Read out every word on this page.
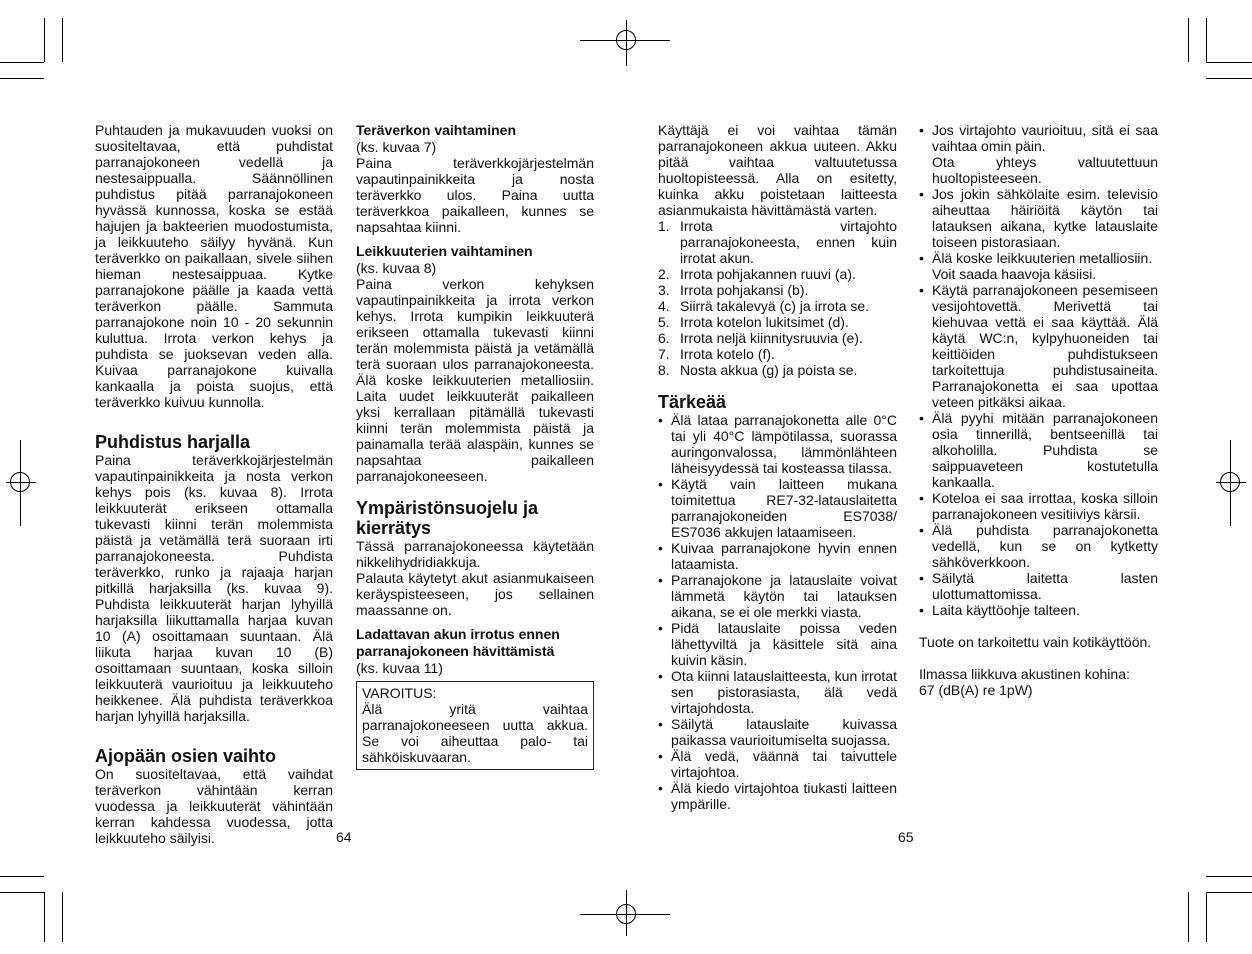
Puhtauden ja mukavuuden vuoksi on suositeltavaa, että puhdistat parranajokoneen vedellä ja nestesaippualla. Säännöllinen puhdistus pitää parranajokoneen hyvässä kunnossa, koska se estää hajujen ja bakteerien muodostumista, ja leikkuuteho säilyy hyvänä. Kun teräverkko on paikallaan, sivele siihen hieman nestesaippuaa. Kytke parranajokone päälle ja kaada vettä teräverkon päälle. Sammuta parranajokone noin 10 - 20 sekunnin kuluttua. Irrota verkon kehys ja puhdista se juoksevan veden alla. Kuivaa parranajokone kuivalla kankaalla ja poista suojus, että teräverkko kuivuu kunnolla.

Puhdistus harjalla

Paina teräverkkojärjestelmän vapautinpainikkeita ja nosta verkon kehys pois (ks. kuvaa 8). Irrota leikkuuterät erikseen ottamalla tukevasti kiinni terän molemmista päistä ja vetämällä terä suoraan irti parranajokoneesta. Puhdista teräverkko, runko ja rajaaja harjan pitkillä harjaksilla (ks. kuvaa 9). Puhdista leikkuuterät harjan lyhyillä harjaksilla liikuttamalla harjaa kuvan 10 (A) osoittamaan suuntaan. Älä liikuta harjaa kuvan 10 (B) osoittamaan suuntaan, koska silloin leikkuuterä vaurioituu ja leikkuuteho heikkenee. Älä puhdista teräverkkoa harjan lyhyillä harjaksilla.

Ajopään osien vaihto

On suositeltavaa, että vaihdat teräverkon vähintään kerran vuodessa ja leikkuuterät vähintään kerran kahdessa vuodessa, jotta leikkuuteho säilyisi.

Teräverkon vaihtaminen

(ks. kuvaa 7)

Paina teräverkkojärjestelmän vapautinpainikkeita ja nosta teräverkko ulos. Paina uutta teräverkkoa paikalleen, kunnes se napsahtaa kiinni.

Leikkuuterien vaihtaminen

(ks. kuvaa 8)

Paina verkon kehyksen vapautinpainikkeita ja irrota verkon kehys. Irrota kumpikin leikkuuterä erikseen ottamalla tukevasti kiinni terän molemmista päistä ja vetämällä terä suoraan ulos parranajokoneesta. Älä koske leikkuuterien metalliosiin. Laita uudet leikkuuterät paikalleen yksi kerrallaan pitämällä tukevasti kiinni terän molemmista päistä ja painamalla terää alaspäin, kunnes se napsahtaa paikalleen parranajokoneeseen.

Ympäristönsuojelu ja kierrätys

Tässä parranajokoneessa käytetään nikkelihydridiakkuja.

Palauta käytetyt akut asianmukaiseen keräyspisteeseen, jos sellainen maassanne on.

Ladattavan akun irrotus ennen parranajokoneen hävittämistä

(ks. kuvaa 11)

VAROITUS:

Älä yritä vaihtaa parranajokoneeseen uutta akkua. Se voi aiheuttaa palo- tai sähköiskuvaaran.

Käyttäjä ei voi vaihtaa tämän parranajokoneen akkua uuteen. Akku pitää vaihtaa valtuutetussa huoltopisteessä. Alla on esitetty, kuinka akku poistetaan laitteesta asianmukaista hävittämästä varten.

1. Irrota virtajohto parranajokoneesta, ennen kuin irrotat akun.
2. Irrota pohjakannen ruuvi (a).
3. Irrota pohjakansi (b).
4. Siirrä takalevyä (c) ja irrota se.
5. Irrota kotelon lukitsimet (d).
6. Irrota neljä kiinnitysruuvia (e).
7. Irrota kotelo (f).
8. Nosta akkua (g) ja poista se.
Tärkeää
• Älä lataa parranajokonetta alle 0°C tai yli 40°C lämpötilassa, suorassa auringonvalossa, lämmönlähteen läheisyydessä tai kosteassa tilassa.
• Käytä vain laitteen mukana toimitettua RE7-32-latauslaitetta parranajokoneiden ES7038/ ES7036 akkujen lataamiseen.
• Kuivaa parranajokone hyvin ennen lataamista.
• Parranajokone ja latauslaite voivat lämmetä käytön tai latauksen aikana, se ei ole merkki viasta.
• Pidä latauslaite poissa veden lähettyviltä ja käsittele sitä aina kuivin käsin.
• Ota kiinni latauslaitteesta, kun irrotat sen pistorasiasta, älä vedä virtajohdosta.
• Säilytä latauslaite kuivassa paikassa vaurioitumiselta suojassa.
• Älä vedä, väännä tai taivuttele virtajohtoa.
• Älä kiedo virtajohtoa tiukasti laitteen ympärille.
• Jos virtajohto vaurioituu, sitä ei saa vaihtaa omin päin.
Ota yhteys valtuutettuun huoltopisteeseen.
• Jos jokin sähkölaite esim. televisio aiheuttaa häiriöitä käytön tai latauksen aikana, kytke latauslaite toiseen pistorasiaan.
• Älä koske leikkuuterien metalliosiin.
Voit saada haavoja käsiisi.
• Käytä parranajokoneen pesemiseen vesijohtovettä. Merivettä tai kiehuvaa vettä ei saa käyttää. Älä käytä WC:n, kylpyhuoneiden tai keittiöiden puhdistukseen tarkoitettuja puhdistusaineita. Parranajokonetta ei saa upottaa veteen pitkäksi aikaa.
• Älä pyyhi mitään parranajokoneen osia tinnerillä, bentseenillä tai alkoholilla. Puhdista se saippuaveteen kostutetulla kankaalla.
• Koteloa ei saa irrottaa, koska silloin parranajokoneen vesitiiviys kärsii.
• Älä puhdista parranajokonetta vedellä, kun se on kytketty sähköverkkoon.
• Säilytä laitetta lasten ulottumattomissa.
• Laita käyttöohje talteen.

Tuote on tarkoitettu vain kotikäyttöön.

Ilmassa liikkuva akustinen kohina:

67 (dB(A) re 1pW)

64	65
